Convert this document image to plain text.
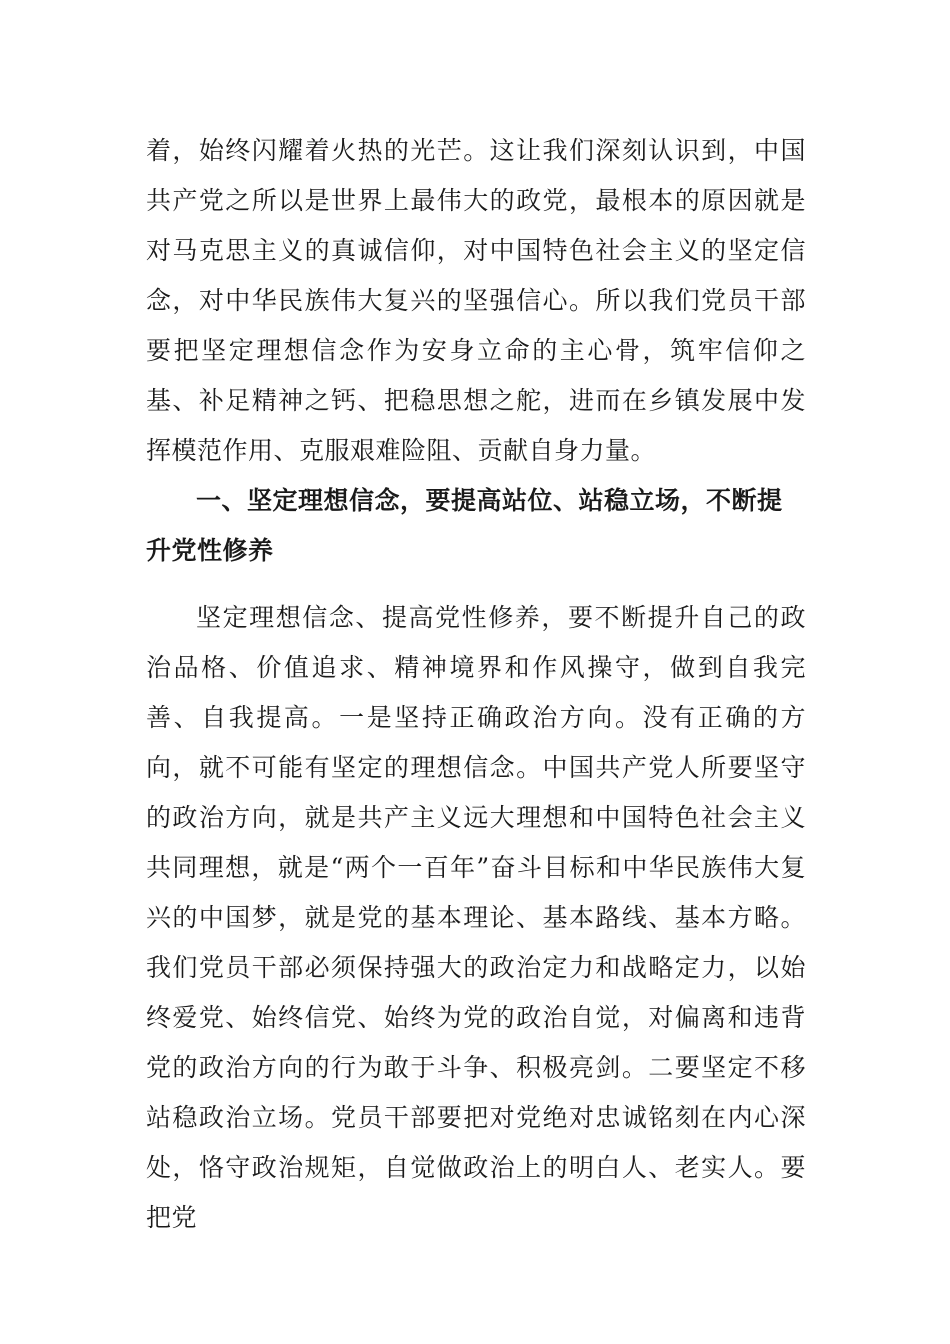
着，始终闪耀着火热的光芒。这让我们深刻认识到，中国共产党之所以是世界上最伟大的政党，最根本的原因就是对马克思主义的真诚信仰，对中国特色社会主义的坚定信念，对中华民族伟大复兴的坚强信心。所以我们党员干部要把坚定理想信念作为安身立命的主心骨，筑牢信仰之基、补足精神之钙、把稳思想之舵，进而在乡镇发展中发挥模范作用、克服艰难险阻、贡献自身力量。

一、坚定理想信念，要提高站位、站稳立场，不断提升党性修养

坚定理想信念、提高党性修养，要不断提升自己的政治品格、价值追求、精神境界和作风操守，做到自我完善、自我提高。一是坚持正确政治方向。没有正确的方向，就不可能有坚定的理想信念。中国共产党人所要坚守的政治方向，就是共产主义远大理想和中国特色社会主义共同理想，就是“两个一百年”奋斗目标和中华民族伟大复兴的中国梦，就是党的基本理论、基本路线、基本方略。我们党员干部必须保持强大的政治定力和战略定力，以始终爱党、始终信党、始终为党的政治自觉，对偏离和违背党的政治方向的行为敢于斗争、积极亮剑。二要坚定不移站稳政治立场。党员干部要把对党绝对忠诚铭刻在内心深处，恪守政治规矩，自觉做政治上的明白人、老实人。要把党
